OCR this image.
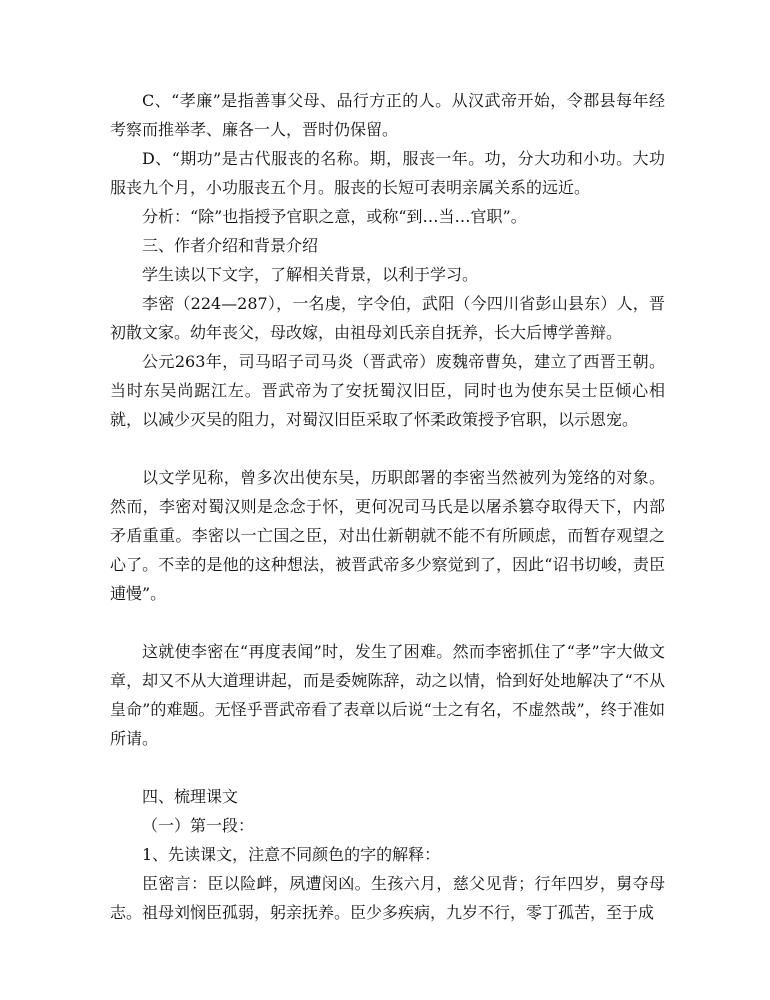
C、“孝廉”是指善事父母、品行方正的人。从汉武帝开始，令郡县每年经考察而推举孝、廉各一人，晋时仍保留。

D、“期功”是古代服丧的名称。期，服丧一年。功，分大功和小功。大功服丧九个月，小功服丧五个月。服丧的长短可表明亲属关系的远近。

分析：“除”也指授予官职之意，或称“到…当…官职”。

三、作者介绍和背景介绍

学生读以下文字，了解相关背景，以利于学习。

李密（224—287），一名虔，字令伯，武阳（今四川省彭山县东）人，晋初散文家。幼年丧父，母改嫁，由祖母刘氏亲自抚养，长大后博学善辩。

公元263年，司马昭子司马炎（晋武帝）废魏帝曹奂，建立了西晋王朝。当时东吴尚踞江左。晋武帝为了安抚蜀汉旧臣，同时也为使东吴士臣倾心相就，以减少灭吴的阻力，对蜀汉旧臣采取了怀柔政策授予官职，以示恩宠。

以文学见称，曾多次出使东吴，历职郎署的李密当然被列为笼络的对象。然而，李密对蜀汉则是念念于怀，更何况司马氏是以屠杀篡夺取得天下，内部矛盾重重。李密以一亡国之臣，对出仕新朝就不能不有所顾虑，而暂存观望之心了。不幸的是他的这种想法，被晋武帝多少察觉到了，因此“诏书切峻，责臣逋慢”。

这就使李密在“再度表闻”时，发生了困难。然而李密抓住了“孝”字大做文章，却又不从大道理讲起，而是委婉陈辞，动之以情，恰到好处地解决了“不从皇命”的难题。无怪乎晋武帝看了表章以后说“士之有名，不虚然哉”，终于准如所请。

四、梳理课文

（一）第一段：

1、先读课文，注意不同颜色的字的解释：

臣密言：臣以险衅，夙遭闵凶。生孩六月，慈父见背；行年四岁，舅夺母志。祖母刘悯臣孤弱，躬亲抚养。臣少多疾病，九岁不行，零丁孤苦，至于成
